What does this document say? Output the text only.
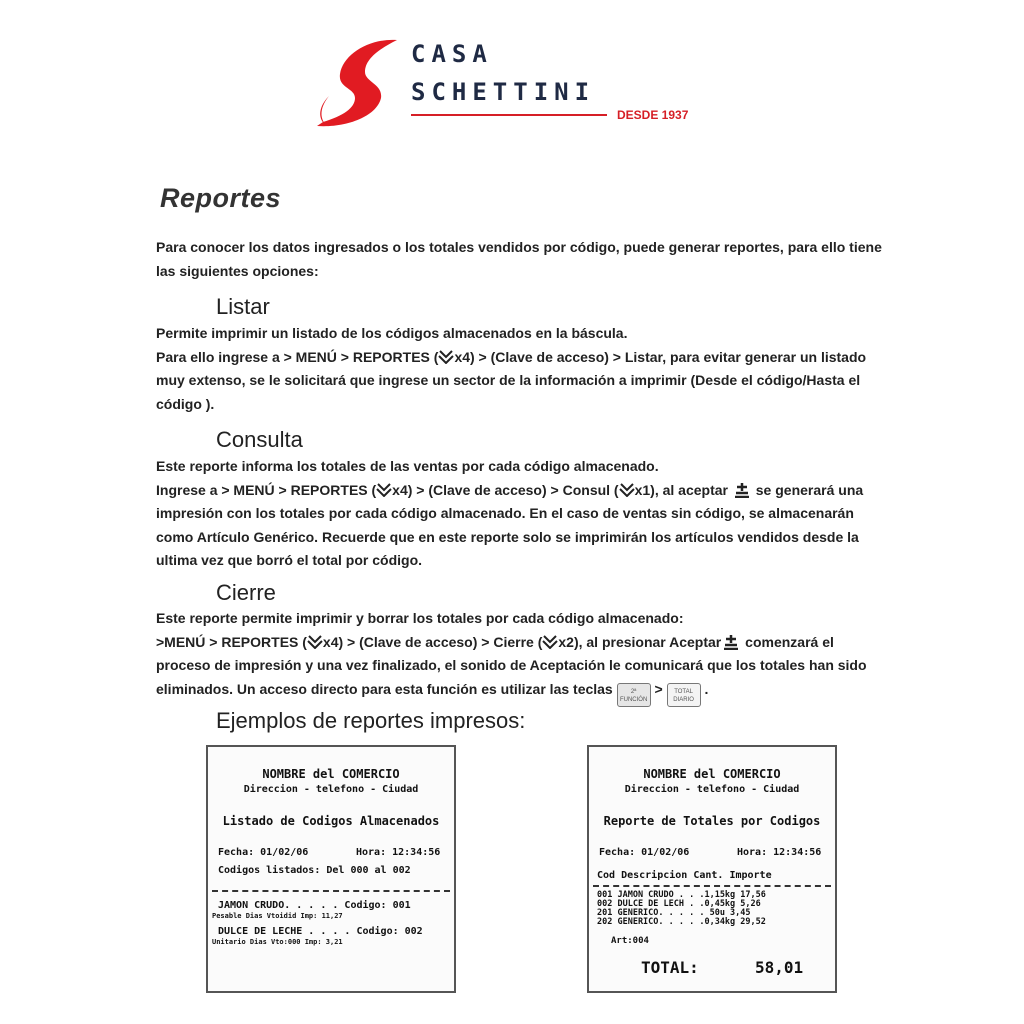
CASA
SCHETTINI
DESDE 1937
Reportes

Para conocer los datos ingresados o los totales vendidos por código, puede generar reportes, para ello tiene las siguientes opciones:

Listar

Permite imprimir un listado de los códigos almacenados en la báscula.

Para ello ingrese a > MENÚ > REPORTES ( x4) > (Clave de acceso) > Listar, para evitar generar un listado muy extenso, se le solicitará que ingrese un sector de la información a imprimir (Desde el código/Hasta el código ).

Consulta

Este reporte informa los totales de las ventas por cada código almacenado.

Ingrese a > MENÚ > REPORTES ( x4) > (Clave de acceso) > Consul ( x1), al aceptar  se generará una impresión con los totales por cada código almacenado. En el caso de ventas sin código, se almacenarán como Artículo Genérico. Recuerde que en este reporte solo se imprimirán los artículos vendidos desde la ultima vez que borró el total por código.

Cierre

Este reporte permite imprimir y borrar los totales por cada código almacenado:

>MENÚ > REPORTES ( x4) > (Clave de acceso) > Cierre ( x2), al presionar Aceptar comenzará el proceso de impresión y una vez finalizado, el sonido de Aceptación le comunicará que los totales han sido eliminados. Un acceso directo para esta función es utilizar las teclas 2ª FUNCIÓN > TOTAL DIARIO .

Ejemplos de reportes impresos:
NOMBRE del COMERCIO
Direccion - telefono - Ciudad
Listado de Codigos Almacenados
Fecha: 01/02/06	Hora: 12:34:56
Codigos listados: Del 000 al 002
JAMON CRUDO. . . . . Codigo: 001
Pesable Dias Vtoidid Imp: 11,27
DULCE DE LECHE . . . . Codigo: 002
Unitario Dias Vto:000 Imp: 3,21
NOMBRE del COMERCIO
Direccion - telefono - Ciudad
Reporte de Totales por Codigos
Fecha: 01/02/06	Hora: 12:34:56
Cod Descripcion Cant. Importe
001 JAMON CRUDO . . .1,15kg 17,56
002 DULCE DE LECH . .0,45kg 5,26
201 GENERICO. . . . . 50u 3,45
202 GENERICO. . . . .0,34kg 29,52
Art:004
TOTAL:	58,01
